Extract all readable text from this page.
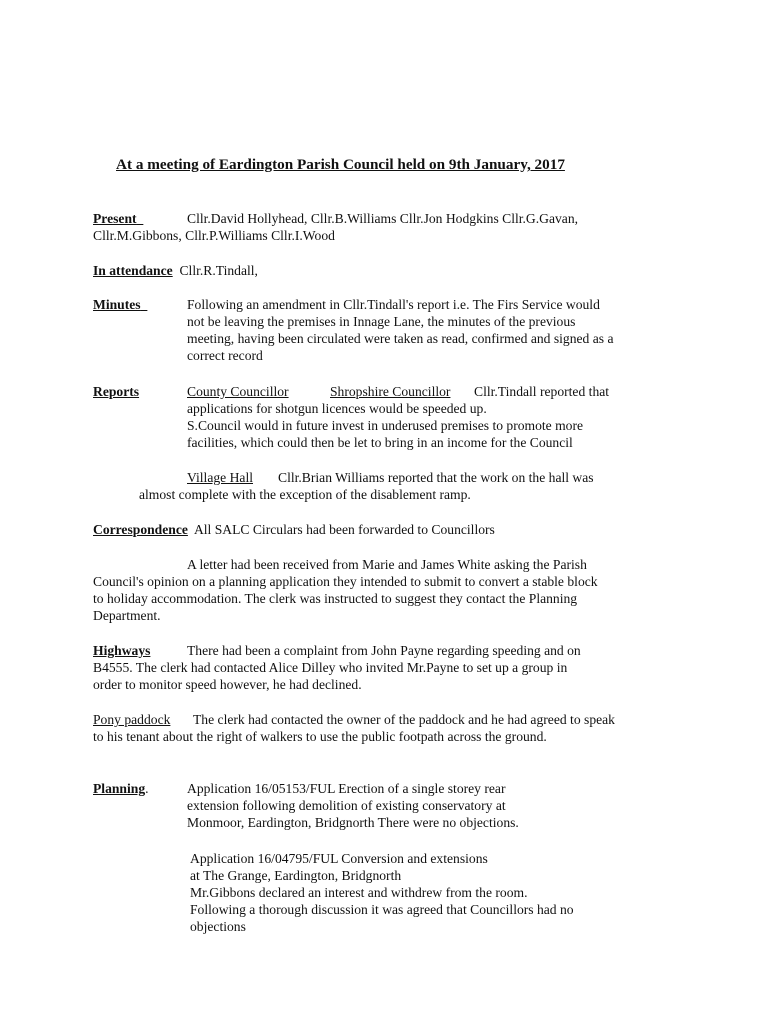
At a meeting of Eardington Parish Council held on 9th January, 2017
Present	Cllr.David Hollyhead, Cllr.B.Williams Cllr.Jon Hodgkins Cllr.G.Gavan,
Cllr.M.Gibbons, Cllr.P.Williams Cllr.I.Wood
In attendance Cllr.R.Tindall,
Minutes	Following an amendment in Cllr.Tindall's report i.e. The Firs Service would
not be leaving the premises in Innage Lane, the minutes of the previous
meeting, having been circulated were taken as read, confirmed and signed as a
correct record
Reports	County Councillor	Shropshire Councillor Cllr.Tindall reported that
applications for shotgun licences would be speeded up.
S.Council would in future invest in underused premises to promote more
facilities, which could then be let to bring in an income for the Council
Village Hall Cllr.Brian Williams reported that the work on the hall was
almost complete with the exception of the disablement ramp.
Correspondence All SALC Circulars had been forwarded to Councillors
A letter had been received from Marie and James White asking the Parish
Council's opinion on a planning application they intended to submit to convert a stable block
to holiday accommodation. The clerk was instructed to suggest they contact the Planning
Department.
Highways	There had been a complaint from John Payne regarding speeding and on
B4555. The clerk had contacted Alice Dilley who invited Mr.Payne to set up a group in
order to monitor speed however, he had declined.
Pony paddock The clerk had contacted the owner of the paddock and he had agreed to speak
to his tenant about the right of walkers to use the public footpath across the ground.
Planning.	Application 16/05153/FUL Erection of a single storey rear
extension following demolition of existing conservatory at
Monmoor, Eardington, Bridgnorth There were no objections.
Application 16/04795/FUL Conversion and extensions
at The Grange, Eardington, Bridgnorth
Mr.Gibbons declared an interest and withdrew from the room.
Following a thorough discussion it was agreed that Councillors had no
objections
